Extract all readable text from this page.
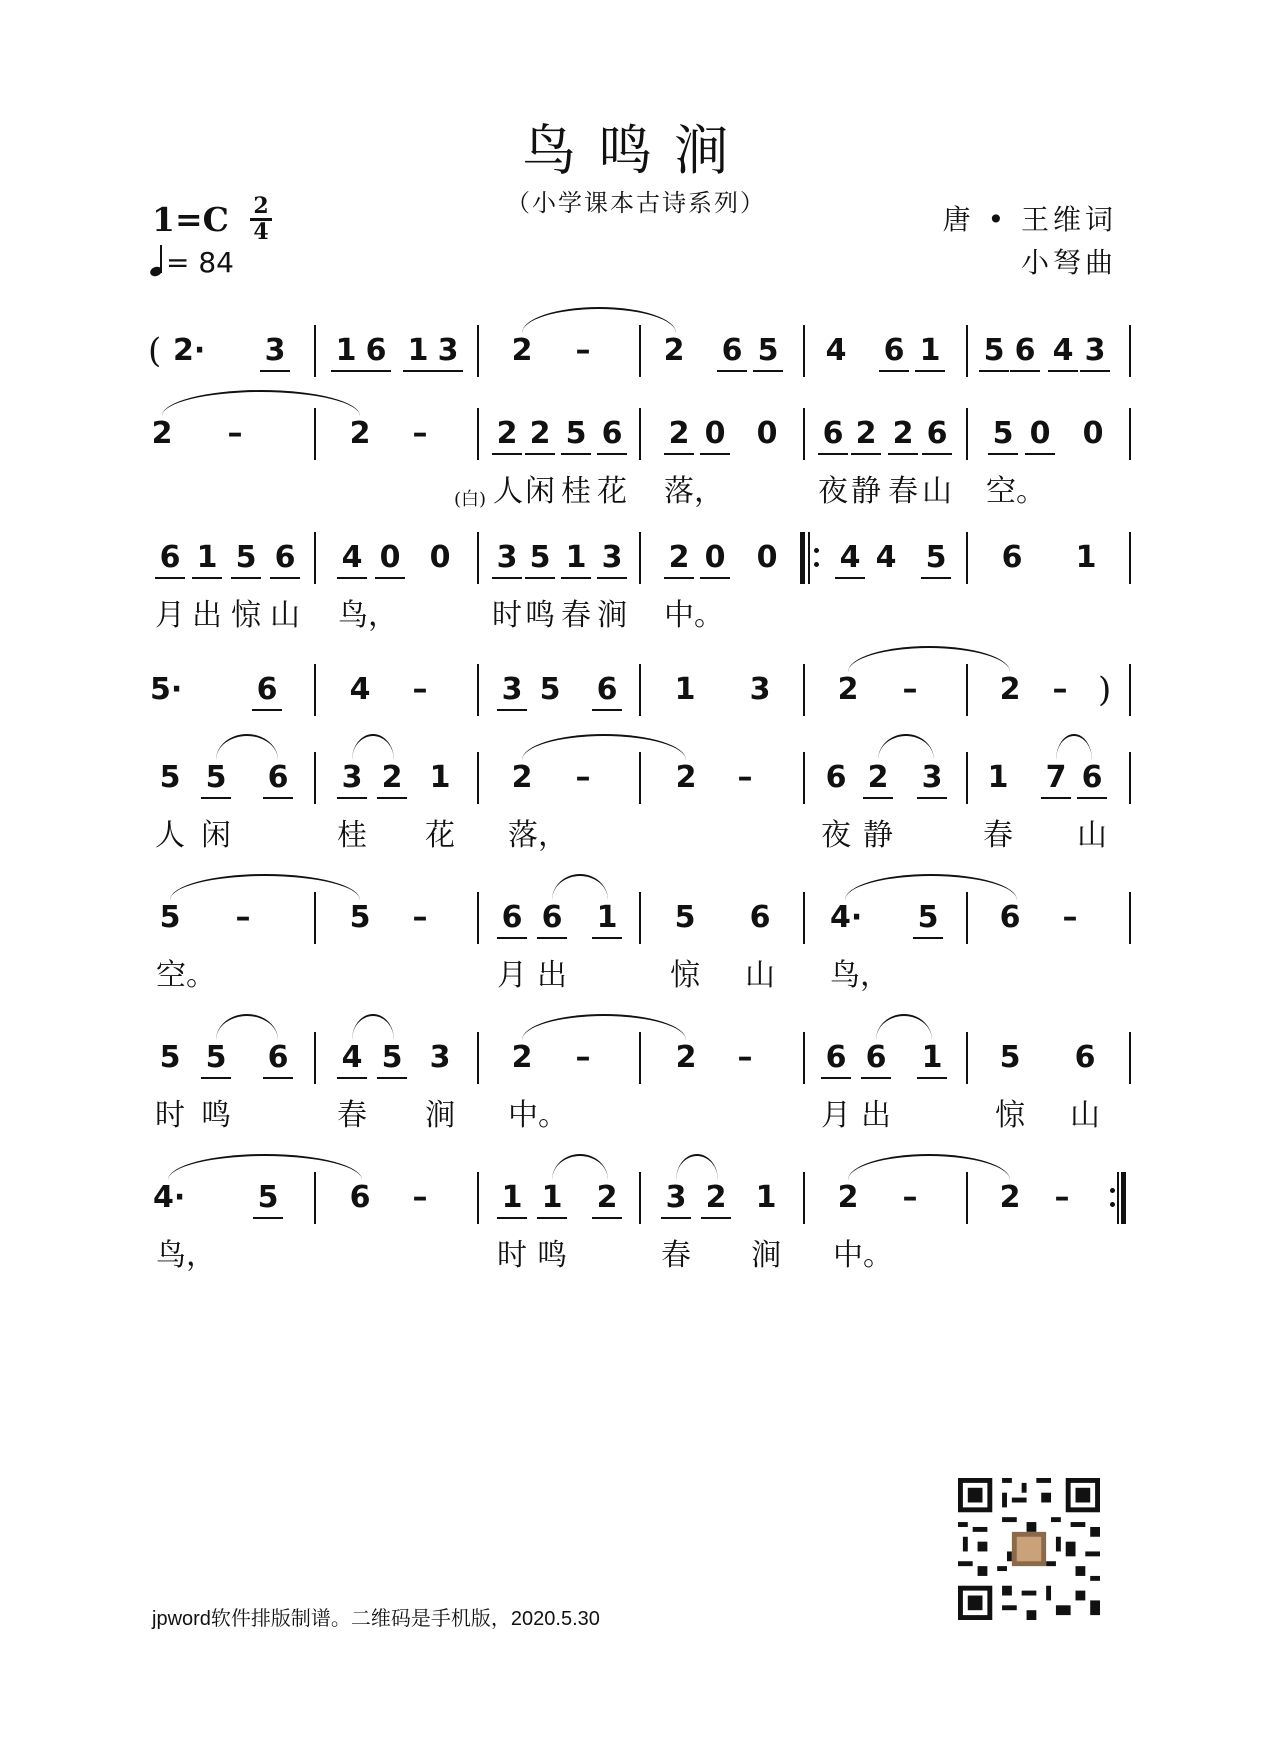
鸟鸣涧
（小学课本古诗系列）
1=C 2
4
= 84
唐 • 王维词
小弩曲
( 2· 3 1 6 1 3 2 – 2 6 5 4 6 1 5 6 4 3
2 –	2 – 2 2 5 6 2 0 0 6 2 2 6 5 0 0
(白) 人 闲 桂 花 落，	夜 静 春 山 空。
6 1 5 6 4 0 0 3 5 1 3 2 0 0 4 4 5 6 1
月 出 惊 山 鸟，	时 鸣 春 涧 中。
5· 6 4 – 3 5 6 1 3 2 –	2 – )
5 5 6 3 2 1 2 –	2 – 6 2 3 1 7 6
人 闲	桂 花 落，	夜 静	春 山
5 –	5 – 6 6 1 5 6 4· 5 6 –
空。	月 出	惊 山 鸟，
5 5 6 4 5 3 2 –	2 – 6 6 1 5 6
时 鸣	春 涧 中。	月 出	惊 山
4· 5 6 – 1 1 2 3 2 1 2 –	2 –
鸟，	时 鸣	春 涧 中。
jpword软件排版制谱。二维码是手机版，2020.5.30
